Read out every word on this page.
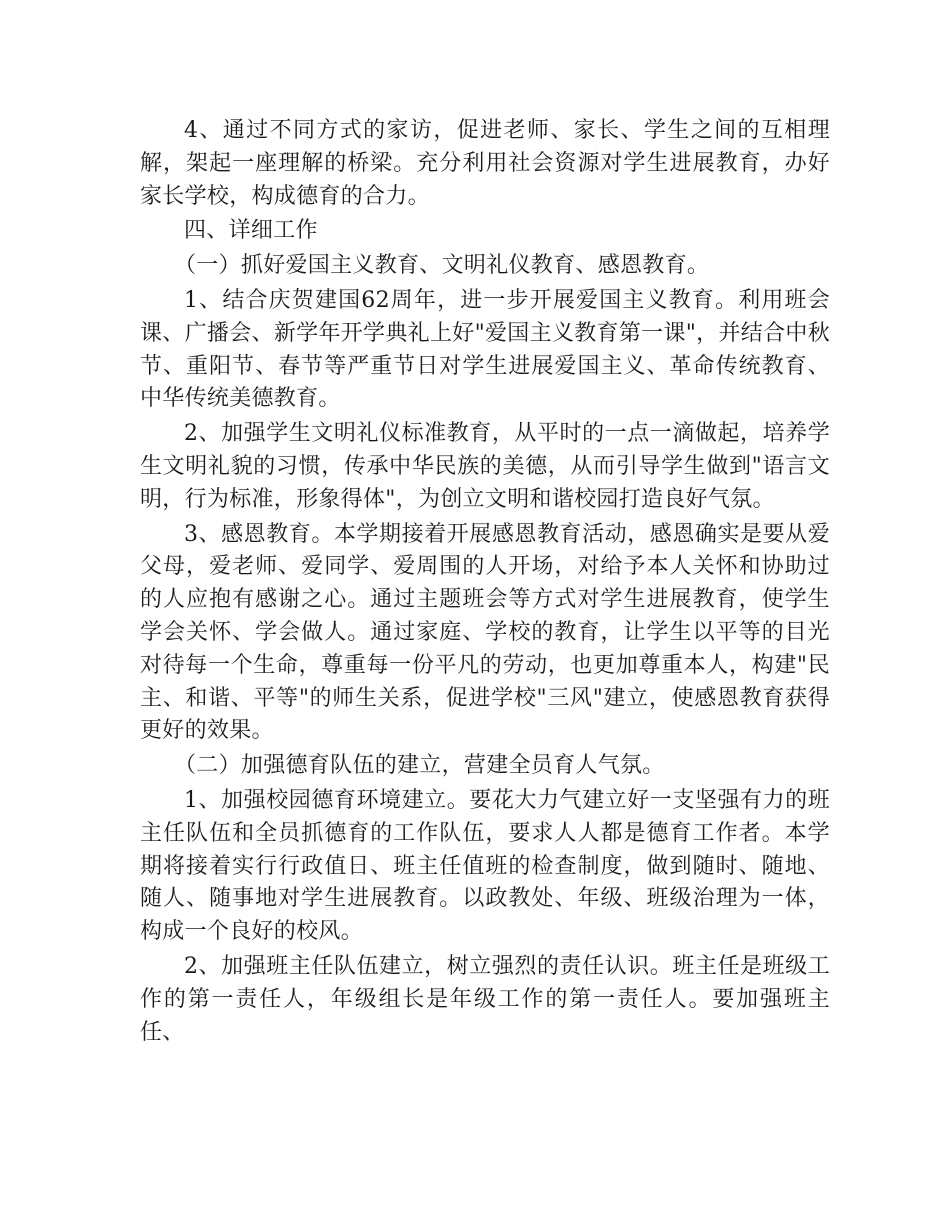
4、通过不同方式的家访，促进老师、家长、学生之间的互相理解，架起一座理解的桥梁。充分利用社会资源对学生进展教育，办好家长学校，构成德育的合力。

四、详细工作

（一）抓好爱国主义教育、文明礼仪教育、感恩教育。

1、结合庆贺建国62周年，进一步开展爱国主义教育。利用班会课、广播会、新学年开学典礼上好"爱国主义教育第一课"，并结合中秋节、重阳节、春节等严重节日对学生进展爱国主义、革命传统教育、中华传统美德教育。

2、加强学生文明礼仪标准教育，从平时的一点一滴做起，培养学生文明礼貌的习惯，传承中华民族的美德，从而引导学生做到"语言文明，行为标准，形象得体"，为创立文明和谐校园打造良好气氛。

3、感恩教育。本学期接着开展感恩教育活动，感恩确实是要从爱父母，爱老师、爱同学、爱周围的人开场，对给予本人关怀和协助过的人应抱有感谢之心。通过主题班会等方式对学生进展教育，使学生学会关怀、学会做人。通过家庭、学校的教育，让学生以平等的目光对待每一个生命，尊重每一份平凡的劳动，也更加尊重本人，构建"民主、和谐、平等"的师生关系，促进学校"三风"建立，使感恩教育获得更好的效果。

（二）加强德育队伍的建立，营建全员育人气氛。

1、加强校园德育环境建立。要花大力气建立好一支坚强有力的班主任队伍和全员抓德育的工作队伍，要求人人都是德育工作者。本学期将接着实行行政值日、班主任值班的检查制度，做到随时、随地、随人、随事地对学生进展教育。以政教处、年级、班级治理为一体，构成一个良好的校风。

2、加强班主任队伍建立，树立强烈的责任认识。班主任是班级工作的第一责任人，年级组长是年级工作的第一责任人。要加强班主任、
